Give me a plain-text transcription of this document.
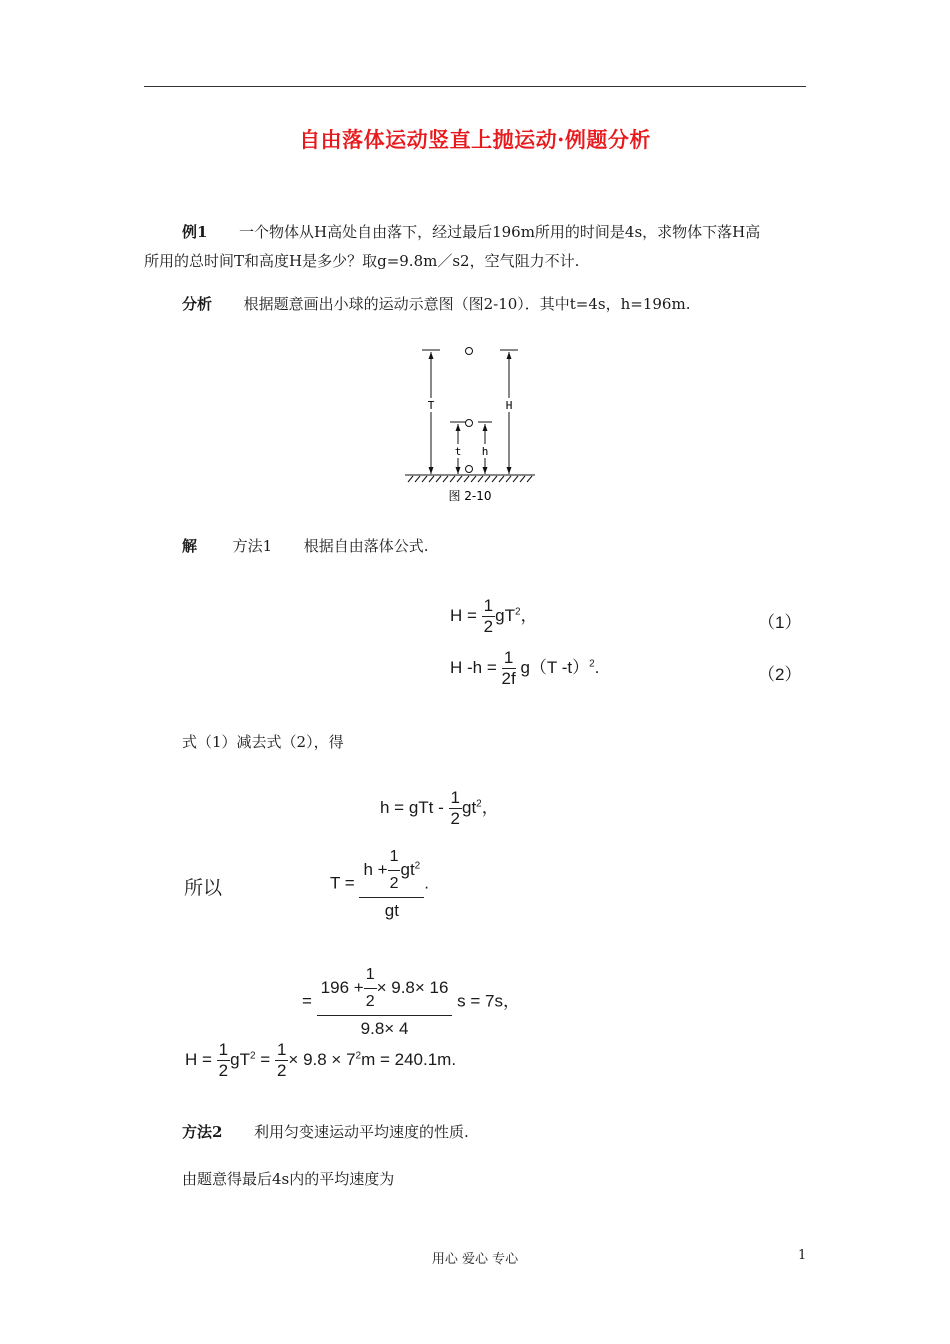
自由落体运动竖直上抛运动·例题分析
例1 一个物体从H高处自由落下，经过最后196m所用的时间是4s，求物体下落H高
所用的总时间T和高度H是多少？取g=9.8m／s2，空气阻力不计.
分析 根据题意画出小球的运动示意图（图2-10）．其中t=4s，h=196m.
T	H
t h
图 2-10
解 方法1 根据自由落体公式.
$H = \frac{1}{2} gT^2$，	（1）
H $-h = \frac{1}{2f} g(T$ -t）$^2$.	（2）
式（1）减去式（2），得
h = gTt - $\frac{1}{2} gt^2$，
所以	$T = \frac{h + \frac{1}{2} gt^2}{gt}$ .
= $\frac{196 + \frac{1}{2} \times 9.8\times 16}{9.8\times 4}$ s = 7s，
$H = \frac{1}{2} gT^2 = \frac{1}{2} \times 9.8 \times 7^2m = 240.1m$.
方法2 利用匀变速运动平均速度的性质.
由题意得最后4s内的平均速度为
用心 爱心 专心	1
